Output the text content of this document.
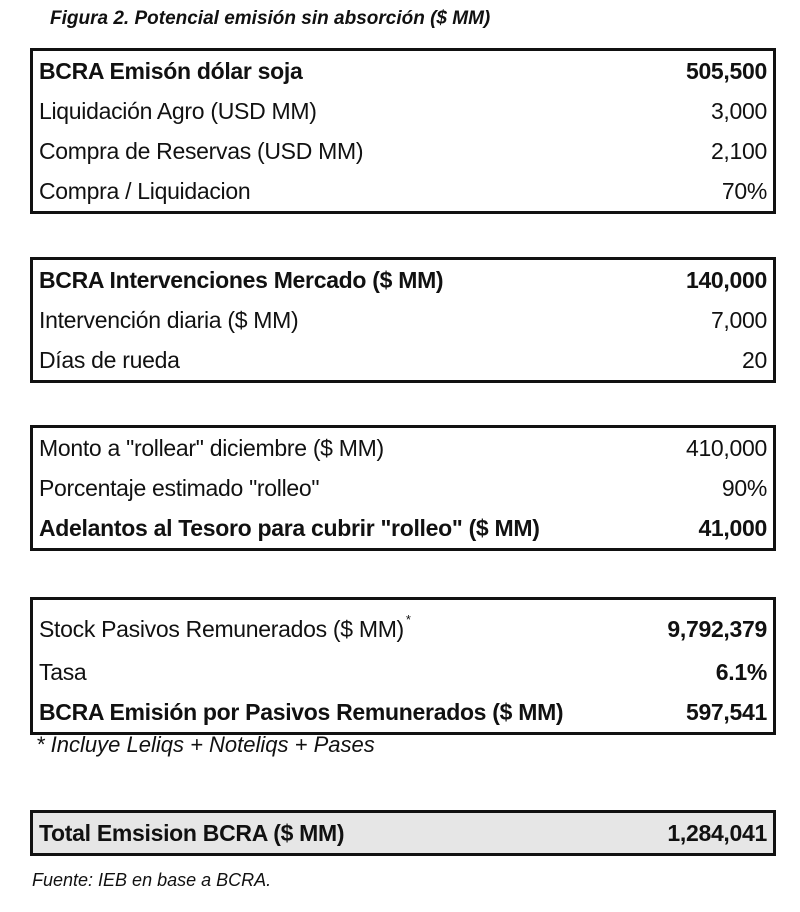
Figura 2. Potencial emisión sin absorción ($ MM)
BCRA Emisón dólar soja	505,500
Liquidación Agro (USD MM)	3,000
Compra de Reservas (USD MM)	2,100
Compra / Liquidacion	70%
BCRA Intervenciones Mercado ($ MM)	140,000
Intervención diaria ($ MM)	7,000
Días de rueda	20
Monto a "rollear" diciembre ($ MM)	410,000
Porcentaje estimado "rolleo"	90%
Adelantos al Tesoro para cubrir "rolleo" ($ MM)	41,000
Stock Pasivos Remunerados ($ MM) *	9,792,379
Tasa	6.1%
BCRA Emisión por Pasivos Remunerados ($ MM)	597,541
* Incluye Leliqs + Noteliqs + Pases
Total Emsision BCRA ($ MM)	1,284,041
Fuente: IEB en base a BCRA.
